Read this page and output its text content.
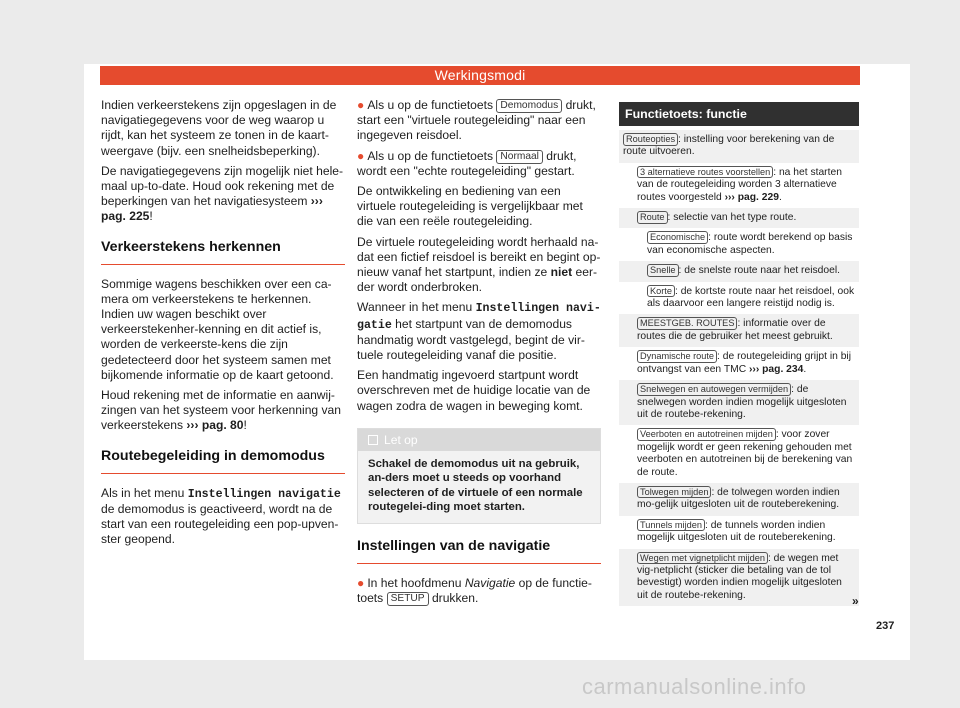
Werkingsmodi

Indien verkeerstekens zijn opgeslagen in de navigatiegegevens voor de weg waarop u rijdt, kan het systeem ze tonen in de kaart-weergave (bijv. een snelheidsbeperking).

De navigatiegegevens zijn mogelijk niet hele-maal up-to-date. Houd ook rekening met de beperkingen van het navigatiesysteem ››› pag. 225!

Verkeerstekens herkennen

Sommige wagens beschikken over een ca-mera om verkeerstekens te herkennen. Indien uw wagen beschikt over verkeerstekenher-kenning en dit actief is, worden de verkeerste-kens die zijn gedetecteerd door het systeem samen met bijkomende informatie op de kaart getoond.

Houd rekening met de informatie en aanwij-zingen van het systeem voor herkenning van verkeerstekens ››› pag. 80!

Routebegeleiding in demomodus

Als in het menu Instellingen navigatie de demomodus is geactiveerd, wordt na de start van een routegeleiding een pop-upven-ster geopend.

● Als u op de functietoets Demomodus drukt, start een "virtuele routegeleiding" naar een ingegeven reisdoel.

● Als u op de functietoets Normaal drukt, wordt een "echte routegeleiding" gestart.

De ontwikkeling en bediening van een virtuele routegeleiding is vergelijkbaar met die van een reële routegeleiding.

De virtuele routegeleiding wordt herhaald na-dat een fictief reisdoel is bereikt en begint op-nieuw vanaf het startpunt, indien ze niet eer-der wordt onderbroken.

Wanneer in het menu Instellingen navi-gatie het startpunt van de demomodus handmatig wordt vastgelegd, begint de vir-tuele routegeleiding vanaf die positie.

Een handmatig ingevoerd startpunt wordt overschreven met de huidige locatie van de wagen zodra de wagen in beweging komt.

Let op
Schakel de demomodus uit na gebruik, an-ders moet u steeds op voorhand selecteren of de virtuele of een normale routegelei-ding moet starten.
Instellingen van de navigatie

● In het hoofdmenu Navigatie op de functie-toets SETUP drukken.

Functietoets: functie
Routeopties : instelling voor berekening van de route uitvoeren.
3 alternatieve routes voorstellen : na het starten van de routegeleiding worden 3 alternatieve routes voorgesteld ››› pag. 229.
Route : selectie van het type route.
Economische : route wordt berekend op basis van economische aspecten.
Snelle : de snelste route naar het reisdoel.
Korte : de kortste route naar het reisdoel, ook als daarvoor een langere reistijd nodig is.
MEESTGEB. ROUTES : informatie over de routes die de gebruiker het meest gebruikt.
Dynamische route : de routegeleiding grijpt in bij ontvangst van een TMC ››› pag. 234.
Snelwegen en autowegen vermijden : de snelwegen worden indien mogelijk uitgesloten uit de routebe-rekening.
Veerboten en autotreinen mijden : voor zover mogelijk wordt er geen rekening gehouden met veerboten en autotreinen bij de berekening van de route.
Tolwegen mijden : de tolwegen worden indien mo-gelijk uitgesloten uit de routeberekening.
Tunnels mijden : de tunnels worden indien mogelijk uitgesloten uit de routeberekening.
Wegen met vignetplicht mijden : de wegen met vig-netplicht (sticker die betaling van de tol bevestigt) worden indien mogelijk uitgesloten uit de routebe-rekening.	»
237
carmanualsonline.info
